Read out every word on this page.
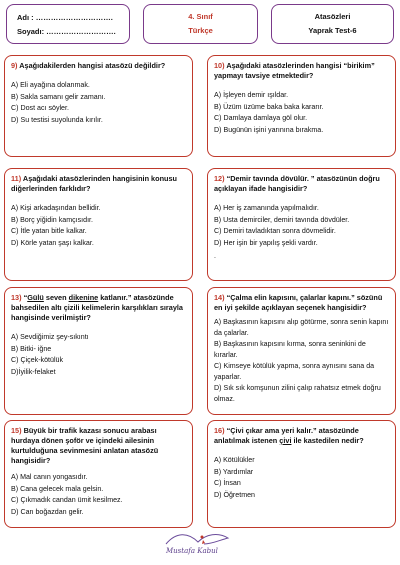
Adı : ………………………….
Soyadı: ……………………….
4. Sınıf
Türkçe
Atasözleri
Yaprak Test-6

9) Aşağıdakilerden hangisi atasözü değildir?

A) Eli ayağına dolanmak.

B) Sakla samanı gelir zamanı.

C) Dost acı söyler.

D) Su testisi suyolunda kırılır.

10) Aşağıdaki atasözlerinden hangisi “birikim” yapmayı tavsiye etmektedir?

A) İşleyen demir ışıldar.

B) Üzüm üzüme baka baka kararır.

C) Damlaya damlaya göl olur.

D) Bugünün işini yarınına bırakma.

11) Aşağıdaki atasözlerinden hangisinin konusu diğerlerinden farklıdır?

A) Kişi arkadaşından bellidir.

B) Borç yiğidin kamçısıdır.

C) İtle yatan bitle kalkar.

D) Körle yatan şaşı kalkar.

12) “Demir tavında dövülür. ” atasözünün doğru açıklayan ifade hangisidir?

A) Her iş zamanında yapılmalıdır.

B) Usta demirciler, demiri tavında dövdüler.

C) Demiri tavladıktan sonra dövmelidir.

D) Her işin bir yapılış şekli vardır.

.

13) “Gülü seven dikenine katlanır.” atasözünde bahsedilen altı çizili kelimelerin karşılıkları sırayla hangisinde verilmiştir?

A) Sevdiğimiz şey-sıkıntı

B) Bitki- iğne

C) Çiçek-kötülük

D)İyilik-felaket

14) “Çalma elin kapısını, çalarlar kapını.” sözünü en iyi şekilde açıklayan seçenek hangisidir?

A) Başkasının kapısını alıp götürme, sonra senin kapını da çalarlar.

B) Başkasının kapısını kırma, sonra seninkini de kırarlar.

C) Kimseye kötülük yapma, sonra aynısını sana da yaparlar.

D) Sık sık komşunun zilini çalıp rahatsız etmek doğru olmaz.

15) Büyük bir trafik kazası sonucu arabası hurdaya dönen şoför ve içindeki ailesinin kurtulduğuna sevinmesini anlatan atasözü hangisidir?

A) Mal canın yongasıdır.

B) Cana gelecek mala gelsin.

C) Çıkmadık candan ümit kesilmez.

D) Can boğazdan gelir.

16) “Çivi çıkar ama yeri kalır.” atasözünde anlatılmak istenen çivi ile kastedilen nedir?

A) Kötülükler

B) Yardımlar

C) İnsan

D) Öğretmen

Mustafa Kabul
